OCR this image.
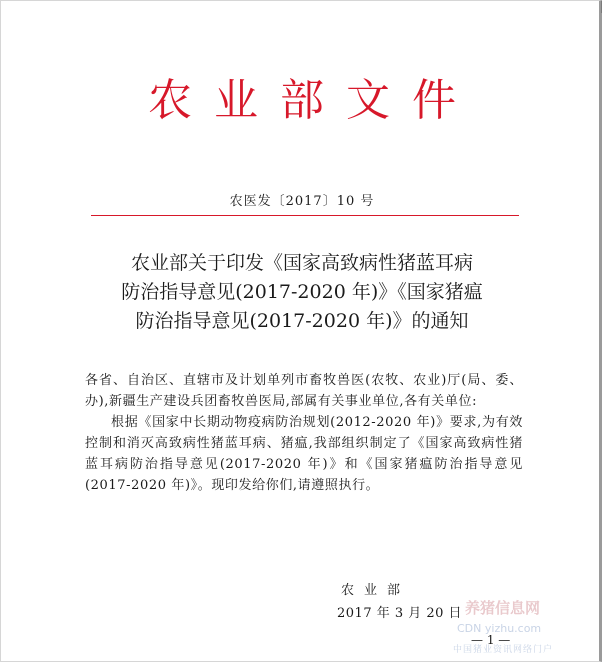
农业部文件
农医发〔2017〕10 号
农业部关于印发《国家高致病性猪蓝耳病
防治指导意见(2017-2020 年)》《国家猪瘟
防治指导意见(2017-2020 年)》的通知

各省、自治区、直辖市及计划单列市畜牧兽医(农牧、农业)厅(局、委、办),新疆生产建设兵团畜牧兽医局,部属有关事业单位,各有关单位:

根据《国家中长期动物疫病防治规划(2012-2020 年)》要求,为有效控制和消灭高致病性猪蓝耳病、猪瘟,我部组织制定了《国家高致病性猪蓝耳病防治指导意见(2017-2020 年)》和《国家猪瘟防治指导意见(2017-2020 年)》。现印发给你们,请遵照执行。

农业部
2017 年 3 月 20 日 养猪信息网
CDN yizhu.com
中国猪业资讯网络门户
— 1 —
